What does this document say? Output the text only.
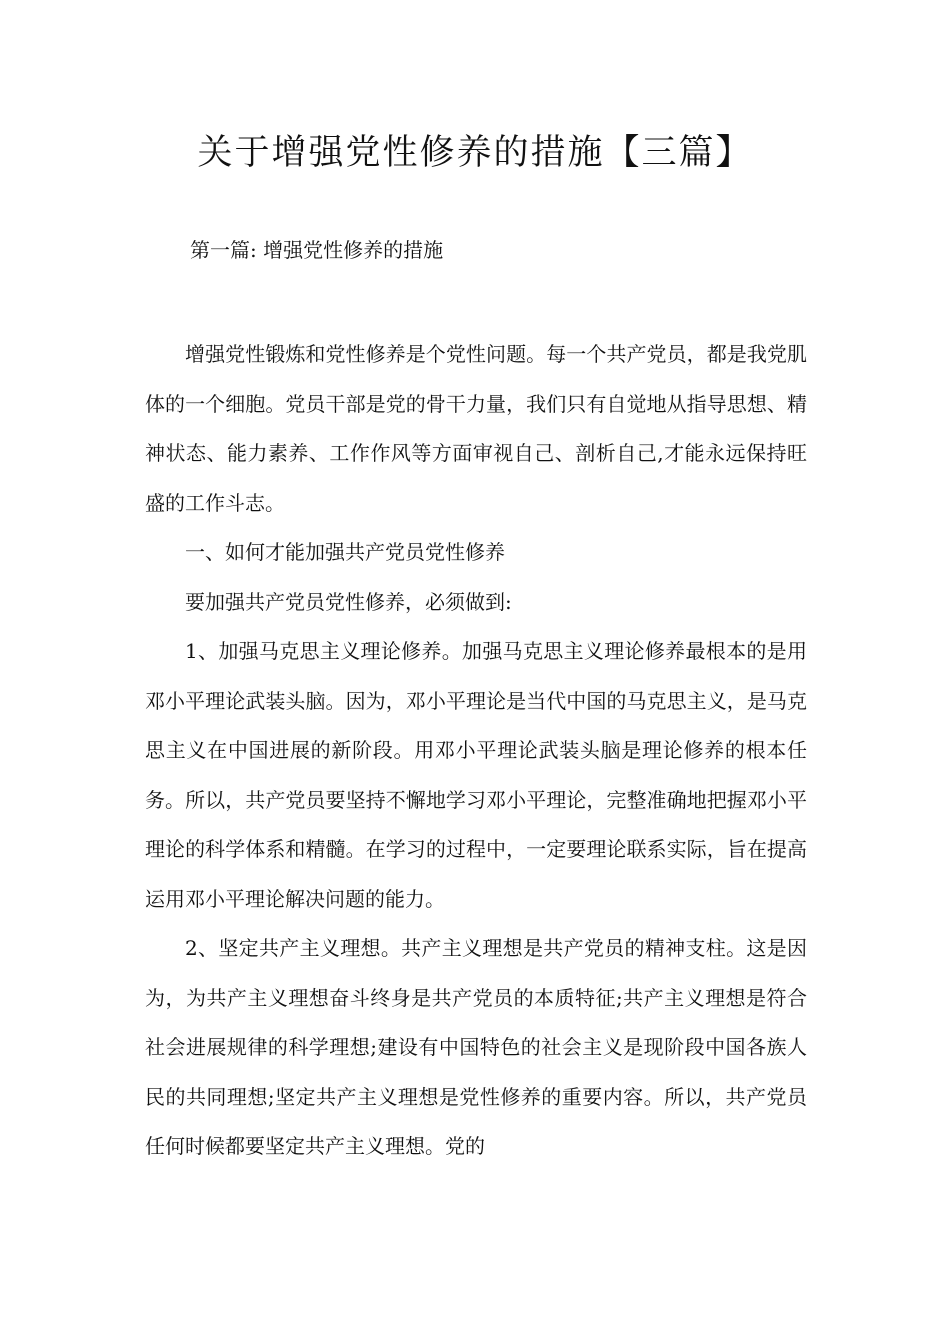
关于增强党性修养的措施【三篇】
第一篇: 增强党性修养的措施

增强党性锻炼和党性修养是个党性问题。每一个共产党员，都是我党肌体的一个细胞。党员干部是党的骨干力量，我们只有自觉地从指导思想、精神状态、能力素养、工作作风等方面审视自己、剖析自己,才能永远保持旺盛的工作斗志。

一、如何才能加强共产党员党性修养

要加强共产党员党性修养，必须做到:

1、加强马克思主义理论修养。加强马克思主义理论修养最根本的是用邓小平理论武装头脑。因为，邓小平理论是当代中国的马克思主义，是马克思主义在中国进展的新阶段。用邓小平理论武装头脑是理论修养的根本任务。所以，共产党员要坚持不懈地学习邓小平理论，完整准确地把握邓小平理论的科学体系和精髓。在学习的过程中，一定要理论联系实际，旨在提高运用邓小平理论解决问题的能力。

2、坚定共产主义理想。共产主义理想是共产党员的精神支柱。这是因为，为共产主义理想奋斗终身是共产党员的本质特征;共产主义理想是符合社会进展规律的科学理想;建设有中国特色的社会主义是现阶段中国各族人民的共同理想;坚定共产主义理想是党性修养的重要内容。所以，共产党员任何时候都要坚定共产主义理想。党的
